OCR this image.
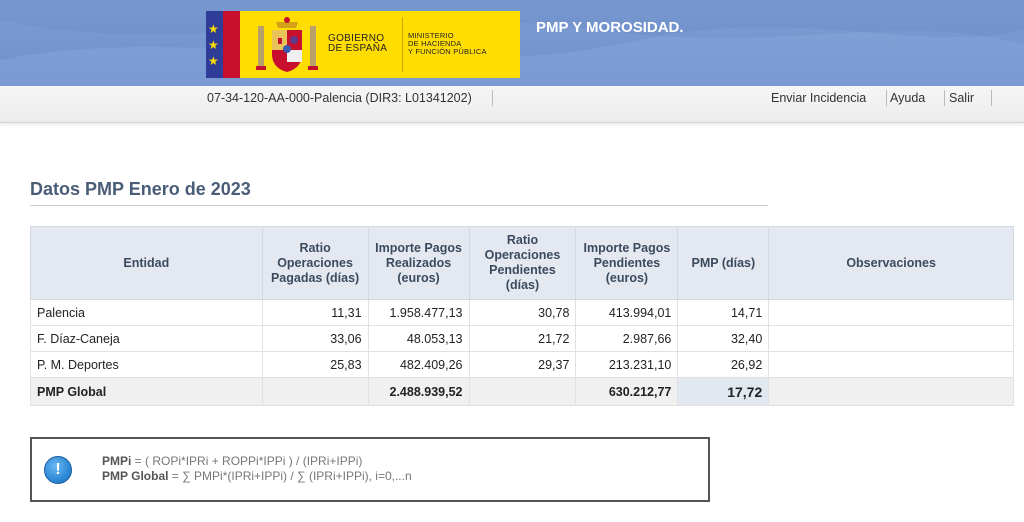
★
★
★
GOBIERNO
DE ESPAÑA
MINISTERIO
DE HACIENDA
Y FUNCIÓN PÚBLICA
PMP Y MOROSIDAD.
07-34-120-AA-000-Palencia (DIR3: L01341202)	Enviar Incidencia Ayuda Salir
Datos PMP Enero de 2023
Entidad	Ratio Operaciones Pagadas (días)	Importe Pagos Realizados (euros)	Ratio Operaciones Pendientes (días)	Importe Pagos Pendientes (euros)	PMP (días)	Observaciones
Palencia	11,31	1.958.477,13	30,78	413.994,01	14,71	
F. Díaz-Caneja	33,06	48.053,13	21,72	2.987,66	32,40	
P. M. Deportes	25,83	482.409,26	29,37	213.231,10	26,92	
PMP Global		2.488.939,52		630.212,77	17,72	
!	PMPi = ( ROPi*IPRi + ROPPi*IPPi ) / (IPRi+IPPi)
PMP Global = ∑ PMPi*(IPRi+IPPi) / ∑ (IPRi+IPPi), i=0,...n
